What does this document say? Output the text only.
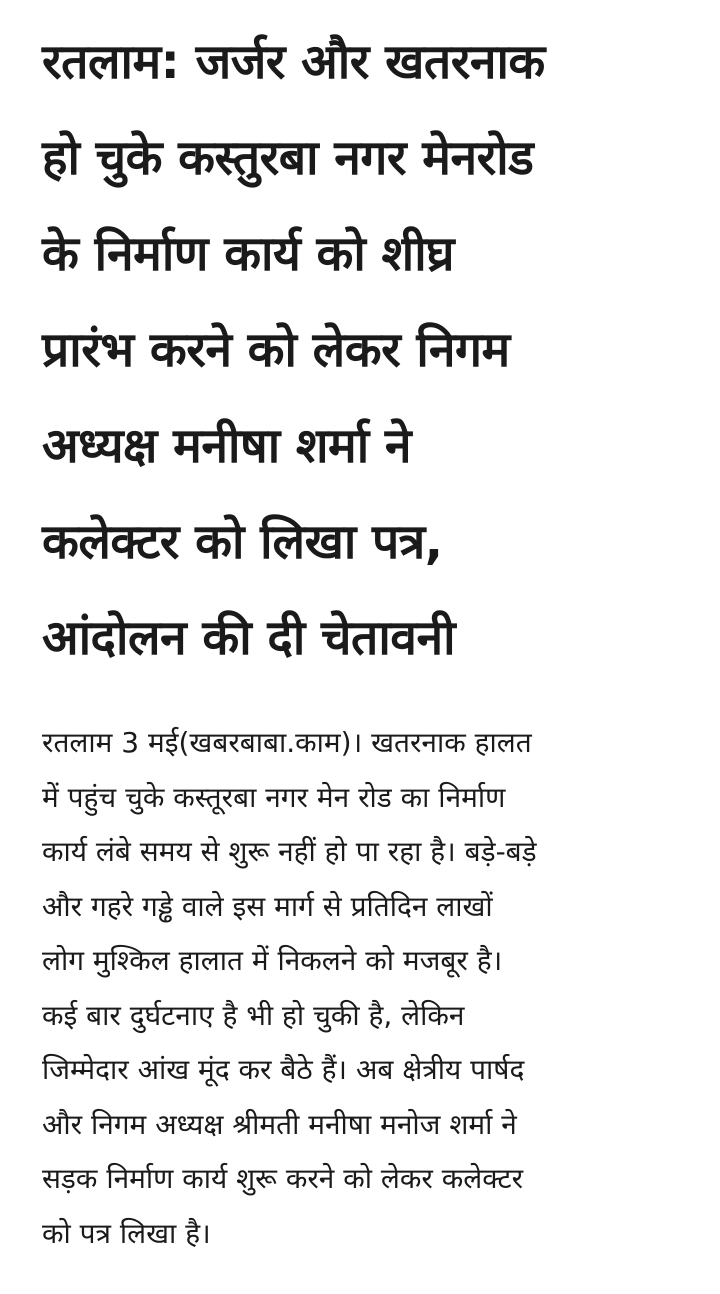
रतलाम: जर्जर और खतरनाक
हो चुके कस्तुरबा नगर मेनरोड
के निर्माण कार्य को शीघ्र
प्रारंभ करने को लेकर निगम
अध्यक्ष मनीषा शर्मा ने
कलेक्टर को लिखा पत्र,
आंदोलन की दी चेतावनी

रतलाम 3 मई(खबरबाबा.काम)। खतरनाक हालत
में पहुंच चुके कस्तूरबा नगर मेन रोड का निर्माण
कार्य लंबे समय से शुरू नहीं हो पा रहा है। बड़े-बड़े
और गहरे गड्ढे वाले इस मार्ग से प्रतिदिन लाखों
लोग मुश्किल हालात में निकलने को मजबूर है।
कई बार दुर्घटनाए है भी हो चुकी है, लेकिन
जिम्मेदार आंख मूंद कर बैठे हैं। अब क्षेत्रीय पार्षद
और निगम अध्यक्ष श्रीमती मनीषा मनोज शर्मा ने
सड़क निर्माण कार्य शुरू करने को लेकर कलेक्टर
को पत्र लिखा है।
